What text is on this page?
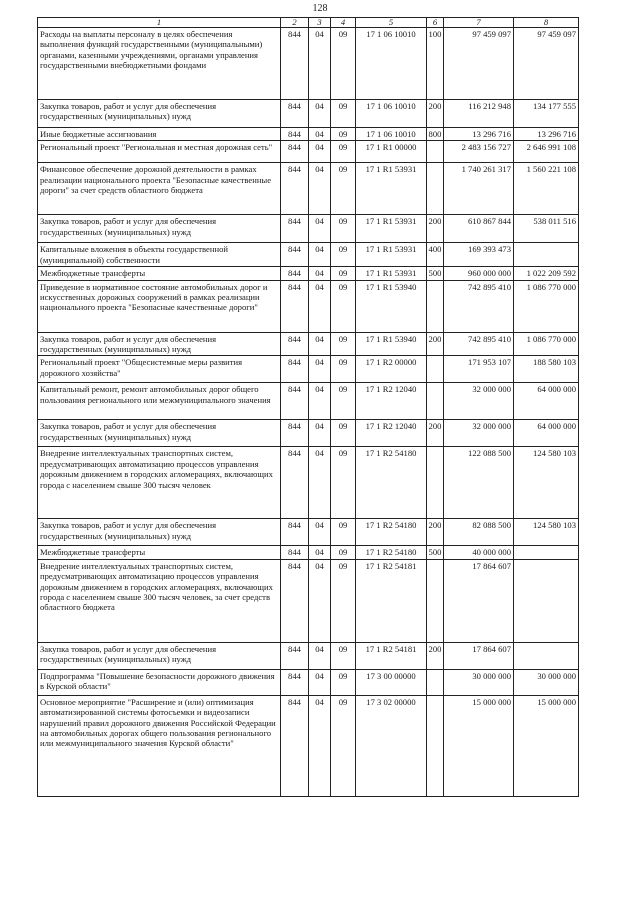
128
1	2	3	4	5	6	7	8
Расходы на выплаты персоналу в целях обеспечения выполнения функций государственными (муниципальными) органами, казенными учреждениями, органами управления государственными внебюджетными фондами	844	04	09	17 1 06 10010	100	97 459 097	97 459 097
Закупка товаров, работ и услуг для обеспечения государственных (муниципальных) нужд	844	04	09	17 1 06 10010	200	116 212 948	134 177 555
Иные бюджетные ассигнования	844	04	09	17 1 06 10010	800	13 296 716	13 296 716
Региональный проект "Региональная и местная дорожная сеть"	844	04	09	17 1 R1 00000		2 483 156 727	2 646 991 108
Финансовое обеспечение дорожной деятельности в рамках реализации национального проекта "Безопасные качественные дороги" за счет средств областного бюджета	844	04	09	17 1 R1 53931		1 740 261 317	1 560 221 108
Закупка товаров, работ и услуг для обеспечения государственных (муниципальных) нужд	844	04	09	17 1 R1 53931	200	610 867 844	538 011 516
Капитальные вложения в объекты государственной (муниципальной) собственности	844	04	09	17 1 R1 53931	400	169 393 473	
Межбюджетные трансферты	844	04	09	17 1 R1 53931	500	960 000 000	1 022 209 592
Приведение в нормативное состояние автомобильных дорог и искусственных дорожных сооружений в рамках реализации национального проекта "Безопасные качественные дороги"	844	04	09	17 1 R1 53940		742 895 410	1 086 770 000
Закупка товаров, работ и услуг для обеспечения государственных (муниципальных) нужд	844	04	09	17 1 R1 53940	200	742 895 410	1 086 770 000
Региональный проект "Общесистемные меры развития дорожного хозяйства"	844	04	09	17 1 R2 00000		171 953 107	188 580 103
Капитальный ремонт, ремонт автомобильных дорог общего пользования регионального или межмуниципального значения	844	04	09	17 1 R2 12040		32 000 000	64 000 000
Закупка товаров, работ и услуг для обеспечения государственных (муниципальных) нужд	844	04	09	17 1 R2 12040	200	32 000 000	64 000 000
Внедрение интеллектуальных транспортных систем, предусматривающих автоматизацию процессов управления дорожным движением в городских агломерациях, включающих города с населением свыше 300 тысяч человек	844	04	09	17 1 R2 54180		122 088 500	124 580 103
Закупка товаров, работ и услуг для обеспечения государственных (муниципальных) нужд	844	04	09	17 1 R2 54180	200	82 088 500	124 580 103
Межбюджетные трансферты	844	04	09	17 1 R2 54180	500	40 000 000	
Внедрение интеллектуальных транспортных систем, предусматривающих автоматизацию процессов управления дорожным движением в городских агломерациях, включающих города с населением свыше 300 тысяч человек, за счет средств областного бюджета	844	04	09	17 1 R2 54181		17 864 607	
Закупка товаров, работ и услуг для обеспечения государственных (муниципальных) нужд	844	04	09	17 1 R2 54181	200	17 864 607	
Подпрограмма "Повышение безопасности дорожного движения в Курской области"	844	04	09	17 3 00 00000		30 000 000	30 000 000
Основное мероприятие "Расширение и (или) оптимизация автоматизированной системы фотосъемки и видеозаписи нарушений правил дорожного движения Российской Федерации на автомобильных дорогах общего пользования регионального или межмуниципального значения Курской области"	844	04	09	17 3 02 00000		15 000 000	15 000 000
